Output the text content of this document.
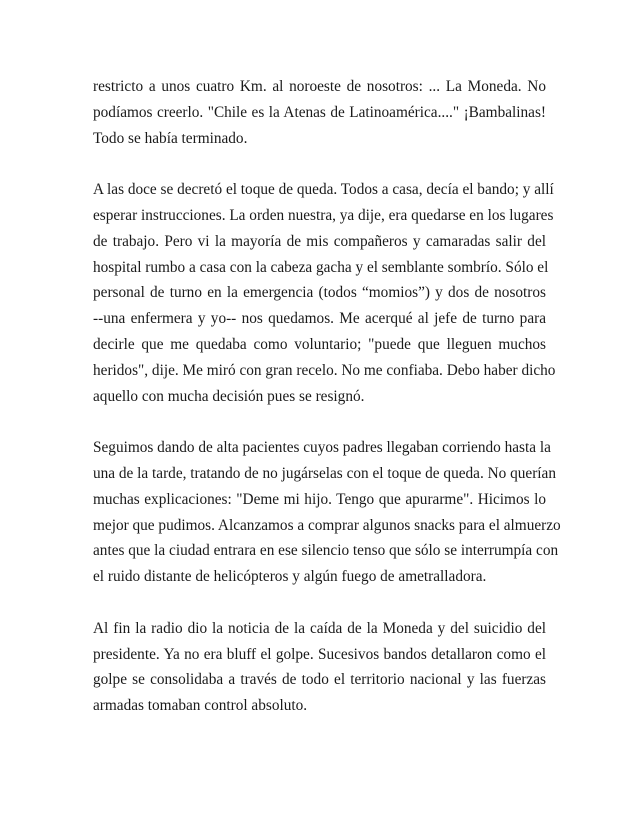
restricto a unos cuatro Km. al noroeste de nosotros: ... La Moneda. No
podíamos creerlo. "Chile es la Atenas de Latinoamérica...." ¡Bambalinas!
Todo se había terminado.

A las doce se decretó el toque de queda. Todos a casa, decía el bando; y allí
esperar instrucciones. La orden nuestra, ya dije, era quedarse en los lugares
de trabajo. Pero vi la mayoría de mis compañeros y camaradas salir del
hospital rumbo a casa con la cabeza gacha y el semblante sombrío. Sólo el
personal de turno en la emergencia (todos “momios”) y dos de nosotros
--una enfermera y yo-- nos quedamos. Me acerqué al jefe de turno para
decirle que me quedaba como voluntario; "puede que lleguen muchos
heridos", dije. Me miró con gran recelo. No me confiaba. Debo haber dicho
aquello con mucha decisión pues se resignó.

Seguimos dando de alta pacientes cuyos padres llegaban corriendo hasta la
una de la tarde, tratando de no jugárselas con el toque de queda. No querían
muchas explicaciones: "Deme mi hijo. Tengo que apurarme". Hicimos lo
mejor que pudimos. Alcanzamos a comprar algunos snacks para el almuerzo
antes que la ciudad entrara en ese silencio tenso que sólo se interrumpía con
el ruido distante de helicópteros y algún fuego de ametralladora.

Al fin la radio dio la noticia de la caída de la Moneda y del suicidio del
presidente. Ya no era bluff el golpe. Sucesivos bandos detallaron como el
golpe se consolidaba a través de todo el territorio nacional y las fuerzas
armadas tomaban control absoluto.
